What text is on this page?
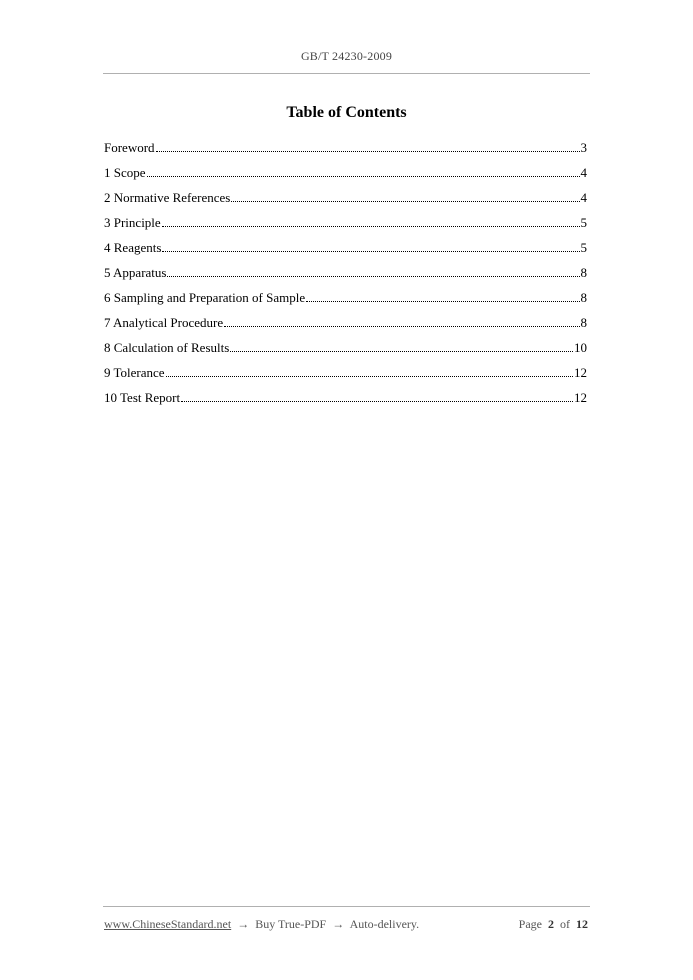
GB/T 24230-2009
Table of Contents
Foreword	3
1 Scope	4
2 Normative References	4
3 Principle	5
4 Reagents	5
5 Apparatus	8
6 Sampling and Preparation of Sample	8
7 Analytical Procedure	8
8 Calculation of Results	10
9 Tolerance	12
10 Test Report	12
www.ChineseStandard.net → Buy True-PDF → Auto-delivery.	Page 2 of 12
